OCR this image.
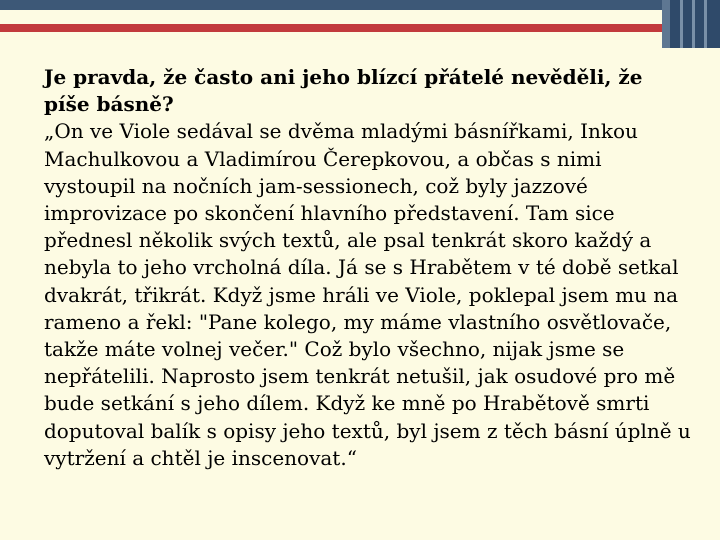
Je pravda, že často ani jeho blízcí přátelé nevěděli, že píše básně?

„On ve Viole sedával se dvěma mladými básnířkami, Inkou Machulkovou a Vladimírou Čerepkovou, a občas s nimi vystoupil na nočních jam-sessionech, což byly jazzové improvizace po skončení hlavního představení. Tam sice přednesl několik svých textů, ale psal tenkrát skoro každý a nebyla to jeho vrcholná díla. Já se s Hrabětem v té době setkal dvakrát, třikrát. Když jsme hráli ve Viole, poklepal jsem mu na rameno a řekl: "Pane kolego, my máme vlastního osvětlovače, takže máte volnej večer." Což bylo všechno, nijak jsme se nepřátelili. Naprosto jsem tenkrát netušil, jak osudové pro mě bude setkání s jeho dílem. Když ke mně po Hrabětově smrti doputoval balík s opisy jeho textů, byl jsem z těch básní úplně u vytržení a chtěl je inscenovat.“
